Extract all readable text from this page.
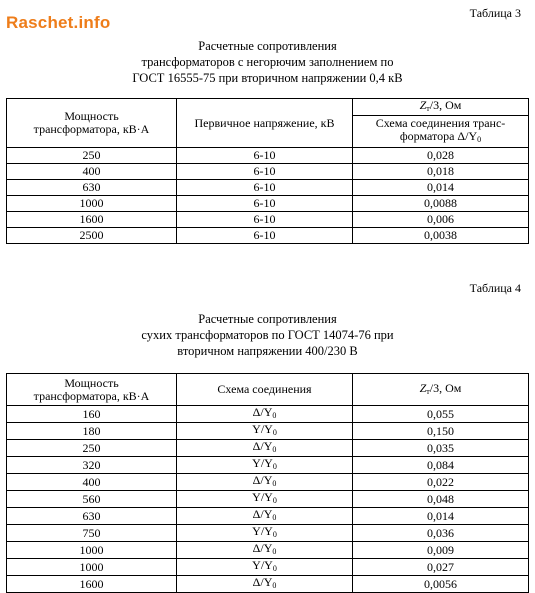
Raschet.info	Таблица 3
Расчетные сопротивления
трансформаторов с негорючим заполнением по
ГОСТ 16555-75 при вторичном напряжении 0,4 кВ
Мощность
трансформатора, кВ·А	Первичное напряжение, кВ	Zт/3, Ом

		Схема соединения транс-
форматора Δ/Y0

250	6-10	0,028
400	6-10	0,018
630	6-10	0,014
1000	6-10	0,0088
1600	6-10	0,006
2500	6-10	0,0038
Таблица 4
Расчетные сопротивления
сухих трансформаторов по ГОСТ 14074-76 при
вторичном напряжении 400/230 В
Мощность
трансформатора, кВ·А	Схема соединения	Zт/3, Ом
160	Δ/Y0	0,055
180	Y/Y0	0,150
250	Δ/Y0	0,035
320	Y/Y0	0,084
400	Δ/Y0	0,022
560	Y/Y0	0,048
630	Δ/Y0	0,014
750	Y/Y0	0,036
1000	Δ/Y0	0,009
1000	Y/Y0	0,027
1600	Δ/Y0	0,0056
